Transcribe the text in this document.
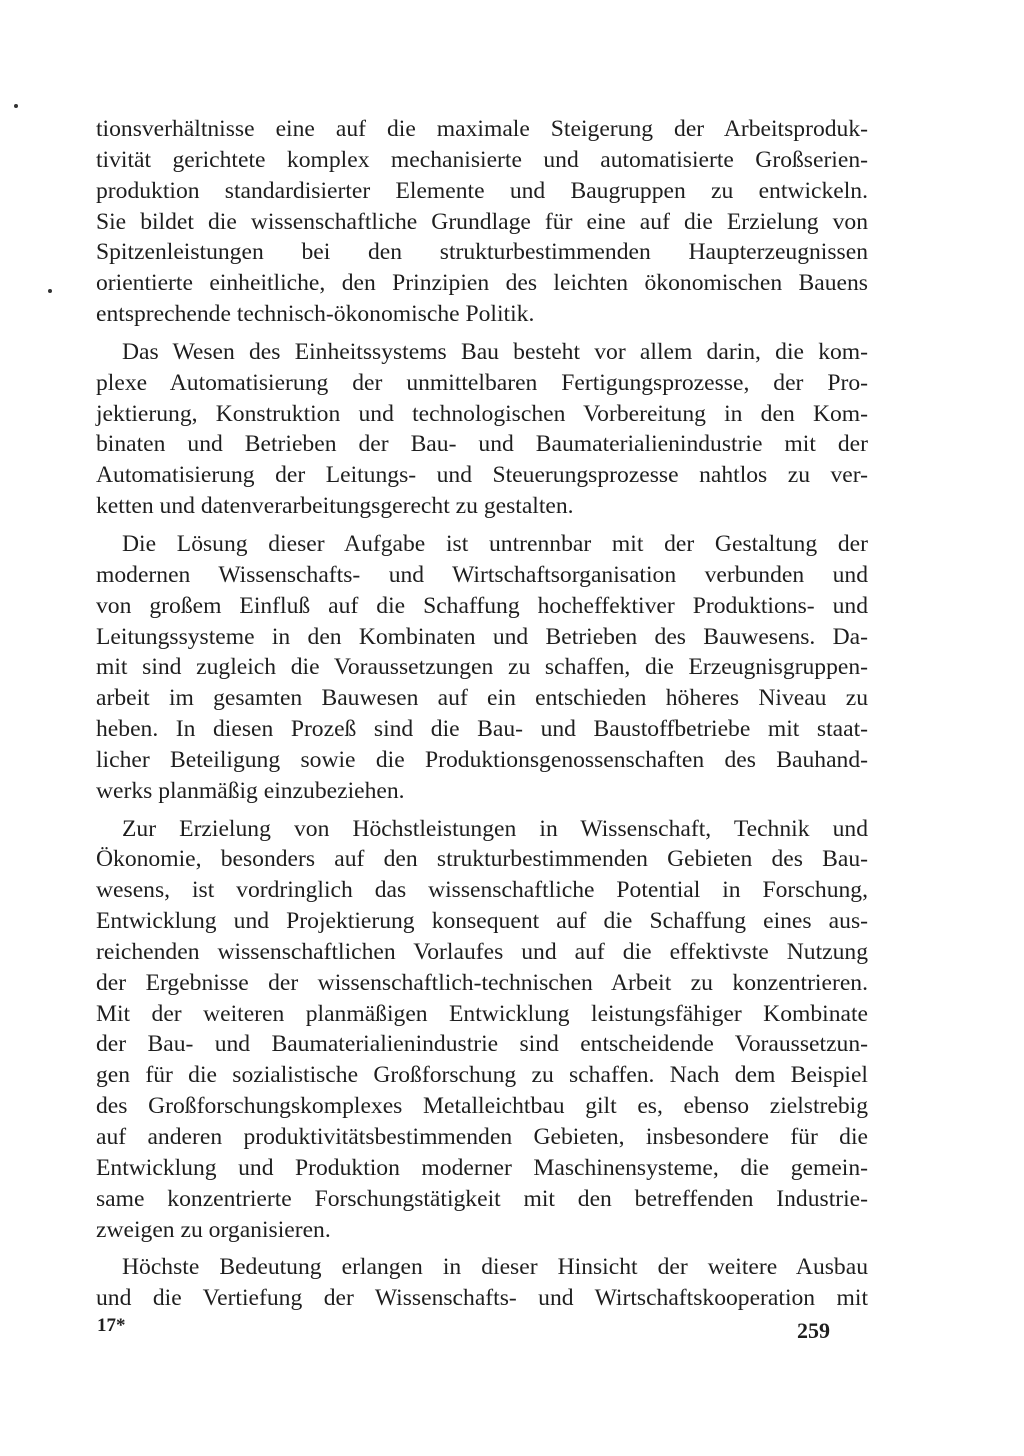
tionsverhältnisse eine auf die maximale Steigerung der Arbeitsproduk-
tivität gerichtete komplex mechanisierte und automatisierte Großserien-
produktion standardisierter Elemente und Baugruppen zu entwickeln.
Sie bildet die wissenschaftliche Grundlage für eine auf die Erzielung von
Spitzenleistungen bei den strukturbestimmenden Haupterzeugnissen
orientierte einheitliche, den Prinzipien des leichten ökonomischen Bauens
entsprechende technisch-ökonomische Politik.

Das Wesen des Einheitssystems Bau besteht vor allem darin, die kom-
plexe Automatisierung der unmittelbaren Fertigungsprozesse, der Pro-
jektierung, Konstruktion und technologischen Vorbereitung in den Kom-
binaten und Betrieben der Bau- und Baumaterialienindustrie mit der
Automatisierung der Leitungs- und Steuerungsprozesse nahtlos zu ver-
ketten und datenverarbeitungsgerecht zu gestalten.

Die Lösung dieser Aufgabe ist untrennbar mit der Gestaltung der
modernen Wissenschafts- und Wirtschaftsorganisation verbunden und
von großem Einfluß auf die Schaffung hocheffektiver Produktions- und
Leitungssysteme in den Kombinaten und Betrieben des Bauwesens. Da-
mit sind zugleich die Voraussetzungen zu schaffen, die Erzeugnisgruppen-
arbeit im gesamten Bauwesen auf ein entschieden höheres Niveau zu
heben. In diesen Prozeß sind die Bau- und Baustoffbetriebe mit staat-
licher Beteiligung sowie die Produktionsgenossenschaften des Bauhand-
werks planmäßig einzubeziehen.

Zur Erzielung von Höchstleistungen in Wissenschaft, Technik und
Ökonomie, besonders auf den strukturbestimmenden Gebieten des Bau-
wesens, ist vordringlich das wissenschaftliche Potential in Forschung,
Entwicklung und Projektierung konsequent auf die Schaffung eines aus-
reichenden wissenschaftlichen Vorlaufes und auf die effektivste Nutzung
der Ergebnisse der wissenschaftlich-technischen Arbeit zu konzentrieren.
Mit der weiteren planmäßigen Entwicklung leistungsfähiger Kombinate
der Bau- und Baumaterialienindustrie sind entscheidende Voraussetzun-
gen für die sozialistische Großforschung zu schaffen. Nach dem Beispiel
des Großforschungskomplexes Metalleichtbau gilt es, ebenso zielstrebig
auf anderen produktivitätsbestimmenden Gebieten, insbesondere für die
Entwicklung und Produktion moderner Maschinensysteme, die gemein-
same konzentrierte Forschungstätigkeit mit den betreffenden Industrie-
zweigen zu organisieren.

Höchste Bedeutung erlangen in dieser Hinsicht der weitere Ausbau
und die Vertiefung der Wissenschafts- und Wirtschaftskooperation mit

17*	259
